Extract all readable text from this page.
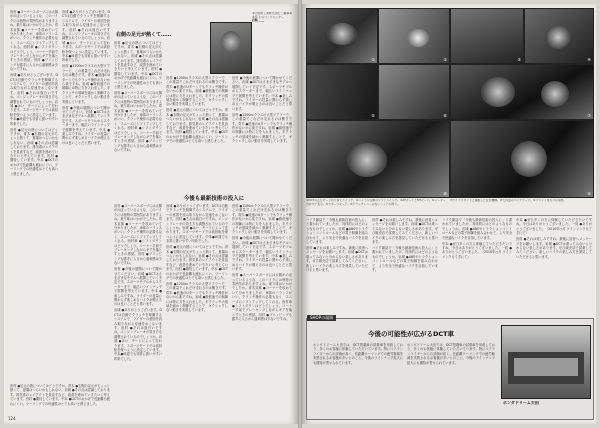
田村 ●スーパースポーツには太陽がのぼっているような、このバイクには独特の雰囲気がありますよね。乗り味はいかがでしたか。青木宣篤 ●コーナーを攻めていて分かりましたが、車体のバランスがいい。クラッチ操作の必要もなく、スムーズにシフトアップしてくれる。西村章 ●シフトダウンはどうでしょう。コーナー手前でブレーキングしながらギアを落とすときの感覚。田村 ●ブリッピングも勝手に入るから違和感は少ないですね。

岩城 ●ありがとうございます。DCTは自動でクラッチを制御するシステムで、ライダーの意図を読み取りながら変速をおこないます。田村 ●それは面白いですね。エンジンブレーキの効き方も調整されているのでしょうか。岩城 ●はい、モードによって変わります。スポーツモードでは高回転を保つように設定しています。中本●峠道でも非常に扱いやすい印象でした。

田村 ●足元の熱についてはどうですか。青木 ●右側の足元がちょっと熱くて、夏場はつらいかもしれない。岩城 ●その点は認識しております。排気系のレイアウトを見直すなど、改善を進めていきたいと考えています。田村 ●期待しています。中本 ●DCTのおかげで長距離も疲れにくい。ツーリングでの快適性はとても高いと感じました。

岩城 ●ありがとうございます。DCTは自動でクラッチを制御するシステムで、ライダーの意図を読み取りながら変速をおこないます。田村 ●それは面白いですね。エンジンブレーキの効き方も調整されているのでしょうか。岩城 ●はい、モードによって変わります。スポーツモードでは高回転を保つように設定しています。中本●峠道でも非常に扱いやすい印象でした。

田村 ●1200ccクラスの大型ツアラーで、この重量でこれだけ走れるのは驚きです。青木 ●低速のUターンでもクラッチ操作がないから楽ですね。岩城 ●微低速での制御には特に力を入れました。半クラッチの領域を細かく制御することで、ギクシャクしない動きを実現しています。

田村 ●今後の展開について聞かせてください。岩城 ●DCTはさまざまなモデルへ展開していく予定です。スポーツモデルからスクーターまで、幅広いラインナップで展開を考えています。中本 ●楽しみですね。ライダーの技量に関わらず楽しめるバイクが増えるのは良いことだと思います。

右側の足元が熱くて……

田村 ●足元の熱についてはどうですか。青木 ●右側の足元がちょっと熱くて、夏場はつらいかもしれない。岩城 ●その点は認識しております。排気系のレイアウトを見直すなど、改善を進めていきたいと考えています。田村 ●期待しています。中本 ●DCTのおかげで長距離も疲れにくい。ツーリングでの快適性はとても高いと感じました。

田村 ●スーパースポーツには太陽がのぼっているような、このバイクには独特の雰囲気がありますよね。乗り味はいかがでしたか。青木宣篤 ●コーナーを攻めていて分かりましたが、車体のバランスがいい。クラッチ操作の必要もなく、スムーズにシフトアップしてくれる。西村章 ●シフトダウンはどうでしょう。コーナー手前でブレーキングしながらギアを落とすときの感覚。田村 ●ブリッピングも勝手に入るから違和感は少ないですね。

本田技研工業株式会社 二輪事業本部 ものづくりセンター
岩城 ＿＿

田村 ●1200ccクラスの大型ツアラーで、この重量でこれだけ走れるのは驚きです。青木 ●低速のUターンでもクラッチ操作がないから楽ですね。岩城 ●微低速での制御には特に力を入れました。半クラッチの領域を細かく制御することで、ギクシャクしない動きを実現しています。

田村 ●足元の熱についてはどうですか。青木 ●右側の足元がちょっと熱くて、夏場はつらいかもしれない。岩城 ●その点は認識しております。排気系のレイアウトを見直すなど、改善を進めていきたいと考えています。田村 ●期待しています。中本 ●DCTのおかげで長距離も疲れにくい。ツーリングでの快適性はとても高いと感じました。

田村 ●今後の展開について聞かせてください。岩城 ●DCTはさまざまなモデルへ展開していく予定です。スポーツモデルからスクーターまで、幅広いラインナップで展開を考えています。中本 ●楽しみですね。ライダーの技量に関わらず楽しめるバイクが増えるのは良いことだと思います。

田村 ●1200ccクラスの大型ツアラーで、この重量でこれだけ走れるのは驚きです。青木 ●低速のUターンでもクラッチ操作がないから楽ですね。岩城 ●微低速での制御には特に力を入れました。半クラッチの領域を細かく制御することで、ギクシャクしない動きを実現しています。

今後も最新技術の投入に

田村 ●スーパースポーツには太陽がのぼっているような、このバイクには独特の雰囲気がありますよね。乗り味はいかがでしたか。青木宣篤 ●コーナーを攻めていて分かりましたが、車体のバランスがいい。クラッチ操作の必要もなく、スムーズにシフトアップしてくれる。西村章 ●シフトダウンはどうでしょう。コーナー手前でブレーキングしながらギアを落とすときの感覚。田村 ●ブリッピングも勝手に入るから違和感は少ないですね。

田村 ●今後の展開について聞かせてください。岩城 ●DCTはさまざまなモデルへ展開していく予定です。スポーツモデルからスクーターまで、幅広いラインナップで展開を考えています。中本 ●楽しみですね。ライダーの技量に関わらず楽しめるバイクが増えるのは良いことだと思います。

岩城 ●ありがとうございます。DCTは自動でクラッチを制御するシステムで、ライダーの意図を読み取りながら変速をおこないます。田村 ●それは面白いですね。エンジンブレーキの効き方も調整されているのでしょうか。岩城 ●はい、モードによって変わります。スポーツモードでは高回転を保つように設定しています。中本●峠道でも非常に扱いやすい印象でした。

岩城 ●ありがとうございます。DCTは自動でクラッチを制御するシステムで、ライダーの意図を読み取りながら変速をおこないます。田村 ●それは面白いですね。エンジンブレーキの効き方も調整されているのでしょうか。岩城 ●はい、モードによって変わります。スポーツモードでは高回転を保つように設定しています。中本●峠道でも非常に扱いやすい印象でした。

田村 ●足元の熱についてはどうですか。青木 ●右側の足元がちょっと熱くて、夏場はつらいかもしれない。岩城 ●その点は認識しております。排気系のレイアウトを見直すなど、改善を進めていきたいと考えています。田村 ●期待しています。中本 ●DCTのおかげで長距離も疲れにくい。ツーリングでの快適性はとても高いと感じました。

田村 ●1200ccクラスの大型ツアラーで、この重量でこれだけ走れるのは驚きです。青木 ●低速のUターンでもクラッチ操作がないから楽ですね。岩城 ●微低速での制御には特に力を入れました。半クラッチの領域を細かく制御することで、ギクシャクしない動きを実現しています。

田村 ●1200ccクラスの大型ツアラーで、この重量でこれだけ走れるのは驚きです。青木 ●低速のUターンでもクラッチ操作がないから楽ですね。岩城 ●微低速での制御には特に力を入れました。半クラッチの領域を細かく制御することで、ギクシャクしない動きを実現しています。

田村 ●今後の展開について聞かせてください。岩城 ●DCTはさまざまなモデルへ展開していく予定です。スポーツモデルからスクーターまで、幅広いラインナップで展開を考えています。中本 ●楽しみですね。ライダーの技量に関わらず楽しめるバイクが増えるのは良いことだと思います。

田村 ●スーパースポーツには太陽がのぼっているような、このバイクには独特の雰囲気がありますよね。乗り味はいかがでしたか。青木宣篤 ●コーナーを攻めていて分かりましたが、車体のバランスがいい。クラッチ操作の必要もなく、スムーズにシフトアップしてくれる。西村章 ●シフトダウンはどうでしょう。コーナー手前でブレーキングしながらギアを落とすときの感覚。田村 ●ブリッピングも勝手に入るから違和感は少ないですね。

田村 ●足元の熱についてはどうですか。青木 ●右側の足元がちょっと熱くて、夏場はつらいかもしれない。岩城 ●その点は認識しております。排気系のレイアウトを見直すなど、改善を進めていきたいと考えています。田村 ●期待しています。中本 ●DCTのおかげで長距離も疲れにくい。ツーリングでの快適性はとても高いと感じました。

124
①	②	③	④
⑤	⑥	⑦
⑧	⑨
①DCTの走行モード切り替えスイッチ。②ハンドル左側のシフトスイッチ。③ATモードとMTモード。④メーター内のギア表示。⑤スポーツモード。⑥クラッチレバーのないハンドル周り。
⑦サイドスタンドと連動した安全機構。⑧大容量のパニアケース。⑨フロントまわりの造形。

バイク雑誌で「今後も最新技術の投入に」と書かれていましたが、具体的にはどのようなものでしょうか。岩城 ●ABSやトラクションコントロールなどの電子制御を組み合わせて、より安全で快適なバイクを目指しています。

田村 ●それは楽しみですね。最後に読者へメッセージをお願いします。岩城 ●DCTは乗ってみないと分からない楽しさがあります。ぜひ販売店で試乗してみてください。新しいバイクの楽しみ方を発見していただけると思います。

田村 ●それは楽しみですね。最後に読者へメッセージをお願いします。岩城 ●DCTは乗ってみないと分からない楽しさがあります。ぜひ販売店で試乗してみてください。新しいバイクの楽しみ方を発見していただけると思います。

バイク雑誌で「今後も最新技術の投入に」と書かれていましたが、具体的にはどのようなものでしょうか。岩城 ●ABSやトラクションコントロールなどの電子制御を組み合わせて、より安全で快適なバイクを目指しています。

バイク雑誌で「今後も最新技術の投入に」と書かれていましたが、具体的にはどのようなものでしょうか。岩城 ●ABSやトラクションコントロールなどの電子制御を組み合わせて、より安全で快適なバイクを目指しています。

中本 ●ぜひ多くの方に体験していただきたいですね。今日はありがとうございました。一同 ●ありがとうございました。（2010年○月 ツインリンクもてぎにて）

中本 ●ぜひ多くの方に体験していただきたいですね。今日はありがとうございました。一同 ●ありがとうございました。（2010年○月 ツインリンクもてぎにて）

田村 ●それは楽しみですね。最後に読者へメッセージをお願いします。岩城 ●DCTは乗ってみないと分からない楽しさがあります。ぜひ販売店で試乗してみてください。新しいバイクの楽しみ方を発見していただけると思います。

SHOPの現場
今後の可能性が広がるDCT車

ホンダドリーム大田では、DCT搭載車の試乗車を用意しており、多くのお客様に体験していただいています。特にベテランライダーからの評価が高く、長距離ツーリングでの疲労軽減を実感されるお客様が多いとのこと。今後のラインナップ拡大にも期待が寄せられています。

ホンダドリーム大田では、DCT搭載車の試乗車を用意しており、多くのお客様に体験していただいています。特にベテランライダーからの評価が高く、長距離ツーリングでの疲労軽減を実感されるお客様が多いとのこと。今後のラインナップ拡大にも期待が寄せられています。

ホンダドリーム大田
